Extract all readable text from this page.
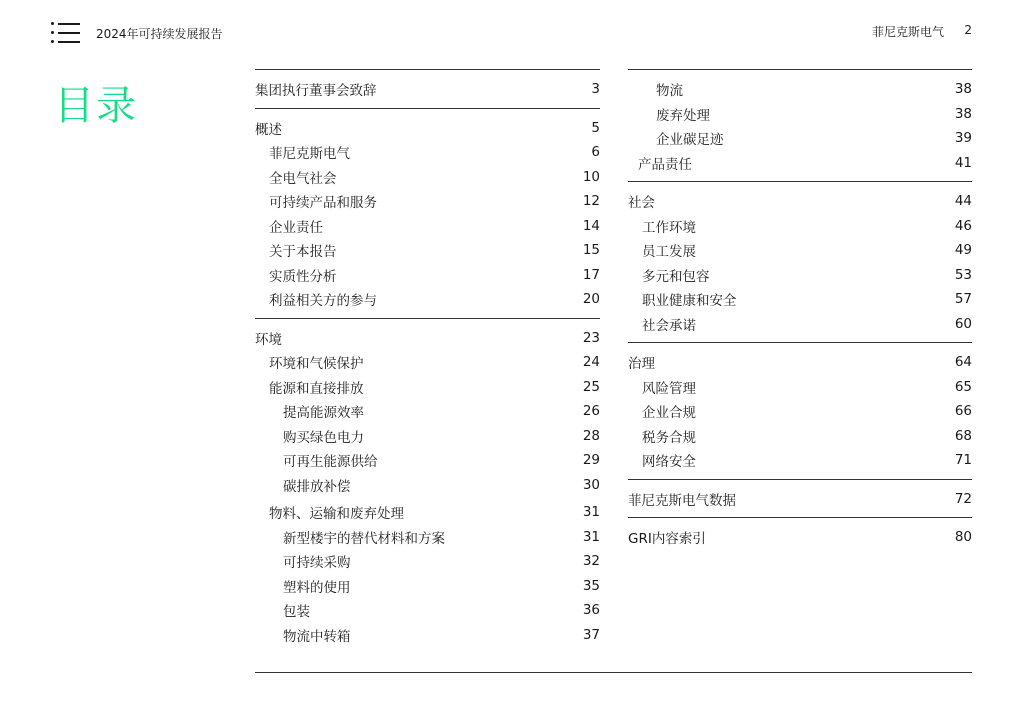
2024年可持续发展报告	菲尼克斯电气 2
目录	集团执行董事会致辞	3
概述	5
菲尼克斯电气	6
全电气社会	10
可持续产品和服务	12
企业责任	14
关于本报告	15
实质性分析	17
利益相关方的参与	20
环境	23
环境和气候保护	24
能源和直接排放	25
提高能源效率	26
购买绿色电力	28
可再生能源供给	29
碳排放补偿	30
物料、运输和废弃处理	31
新型楼宇的替代材料和方案	31
可持续采购	32
塑料的使用	35
包装	36
物流中转箱	37
物流	38
废弃处理	38
企业碳足迹	39
产品责任	41
社会	44
工作环境	46
员工发展	49
多元和包容	53
职业健康和安全	57
社会承诺	60
治理	64
风险管理	65
企业合规	66
税务合规	68
网络安全	71
菲尼克斯电气数据	72
GRI内容索引	80
